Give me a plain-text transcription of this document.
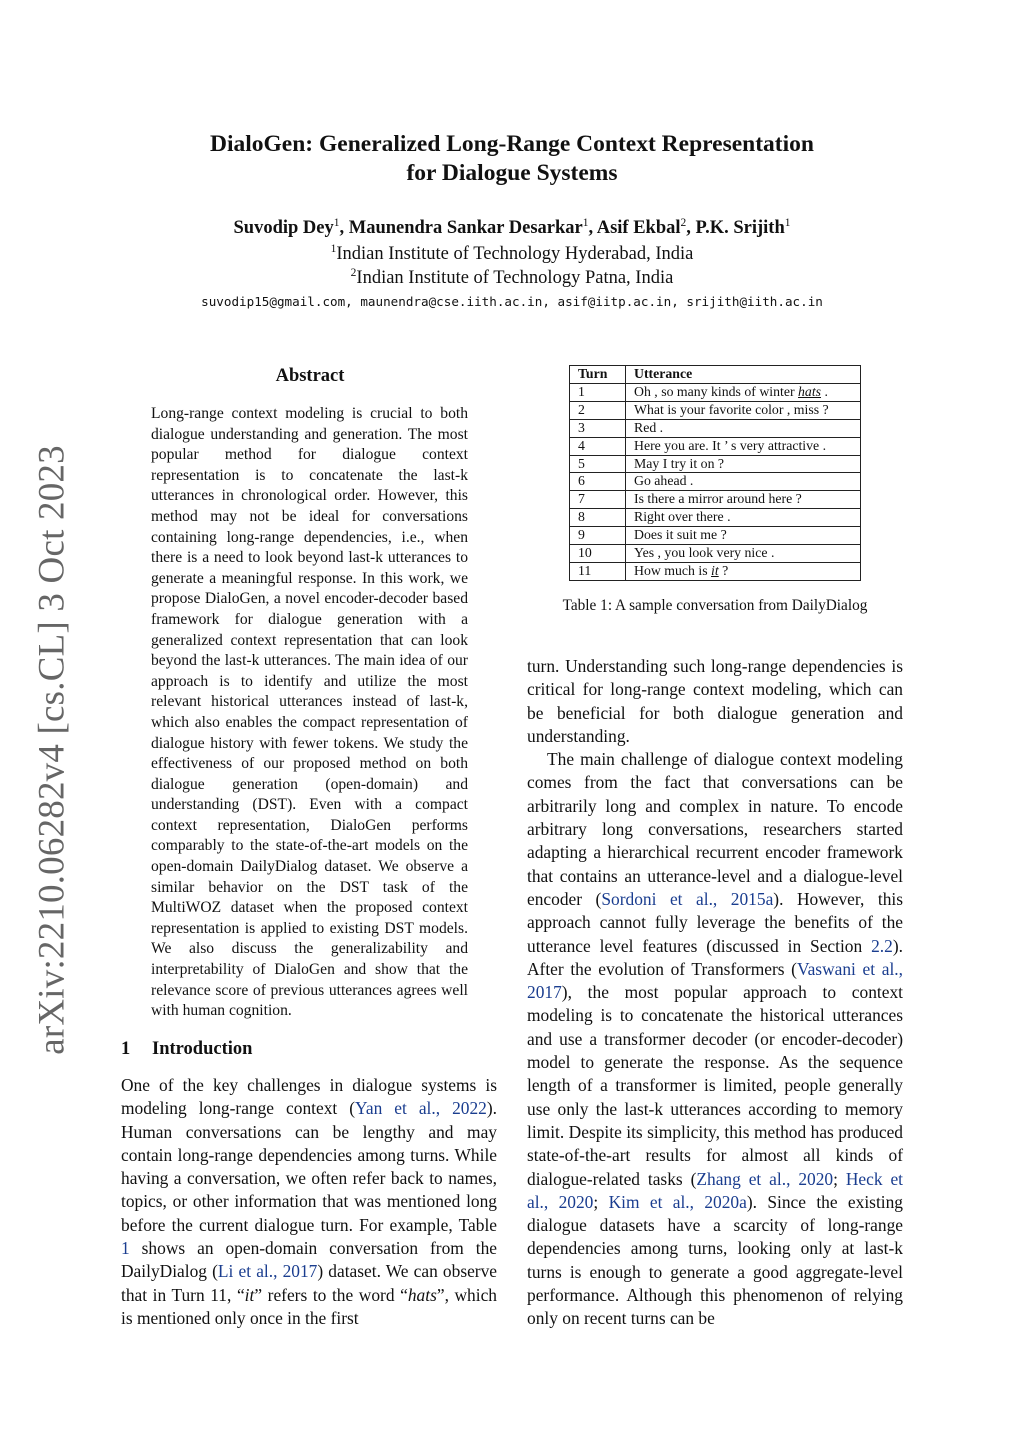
DialoGen: Generalized Long-Range Context Representation
for Dialogue Systems
Suvodip Dey$^1$, Maunendra Sankar Desarkar$^1$, Asif Ekbal$^2$, P.K. Srijith$^1$
$^1$Indian Institute of Technology Hyderabad, India
$^2$Indian Institute of Technology Patna, India
suvodip15@gmail.com, maunendra@cse.iith.ac.in, asif@iitp.ac.in, srijith@iith.ac.in
arXiv:2210.06282v4 [cs.CL] 3 Oct 2023
Abstract

Long-range context modeling is crucial to both dialogue understanding and generation. The most popular method for dialogue context representation is to concatenate the last-k utterances in chronological order. However, this method may not be ideal for conversations containing long-range dependencies, i.e., when there is a need to look beyond last-k utterances to generate a meaningful response. In this work, we propose DialoGen, a novel encoder-decoder based framework for dialogue generation with a generalized context representation that can look beyond the last-k utterances. The main idea of our approach is to identify and utilize the most relevant historical utterances instead of last-k, which also enables the compact representation of dialogue history with fewer tokens. We study the effectiveness of our proposed method on both dialogue generation (open-domain) and understanding (DST). Even with a compact context representation, DialoGen performs comparably to the state-of-the-art models on the open-domain DailyDialog dataset. We observe a similar behavior on the DST task of the MultiWOZ dataset when the proposed context representation is applied to existing DST models. We also discuss the generalizability and interpretability of DialoGen and show that the relevance score of previous utterances agrees well with human cognition.

1 Introduction

One of the key challenges in dialogue systems is modeling long-range context (Yan et al., 2022). Human conversations can be lengthy and may contain long-range dependencies among turns. While having a conversation, we often refer back to names, topics, or other information that was mentioned long before the current dialogue turn. For example, Table 1 shows an open-domain conversation from the DailyDialog (Li et al., 2017) dataset. We can observe that in Turn 11, “it” refers to the word “hats”, which is mentioned only once in the first

Turn	Utterance
1	Oh , so many kinds of winter hats .
2	What is your favorite color , miss ?
3	Red .
4	Here you are. It ’ s very attractive .
5	May I try it on ?
6	Go ahead .
7	Is there a mirror around here ?
8	Right over there .
9	Does it suit me ?
10	Yes , you look very nice .
11	How much is it ?
Table 1: A sample conversation from DailyDialog

turn. Understanding such long-range dependencies is critical for long-range context modeling, which can be beneficial for both dialogue generation and understanding.

The main challenge of dialogue context modeling comes from the fact that conversations can be arbitrarily long and complex in nature. To encode arbitrary long conversations, researchers started adapting a hierarchical recurrent encoder framework that contains an utterance-level and a dialogue-level encoder (Sordoni et al., 2015a). However, this approach cannot fully leverage the benefits of the utterance level features (discussed in Section 2.2). After the evolution of Transformers (Vaswani et al., 2017), the most popular approach to context modeling is to concatenate the historical utterances and use a transformer decoder (or encoder-decoder) model to generate the response. As the sequence length of a transformer is limited, people generally use only the last-k utterances according to memory limit. Despite its simplicity, this method has produced state-of-the-art results for almost all kinds of dialogue-related tasks (Zhang et al., 2020; Heck et al., 2020; Kim et al., 2020a). Since the existing dialogue datasets have a scarcity of long-range dependencies among turns, looking only at last-k turns is enough to generate a good aggregate-level performance. Although this phenomenon of relying only on recent turns can be
